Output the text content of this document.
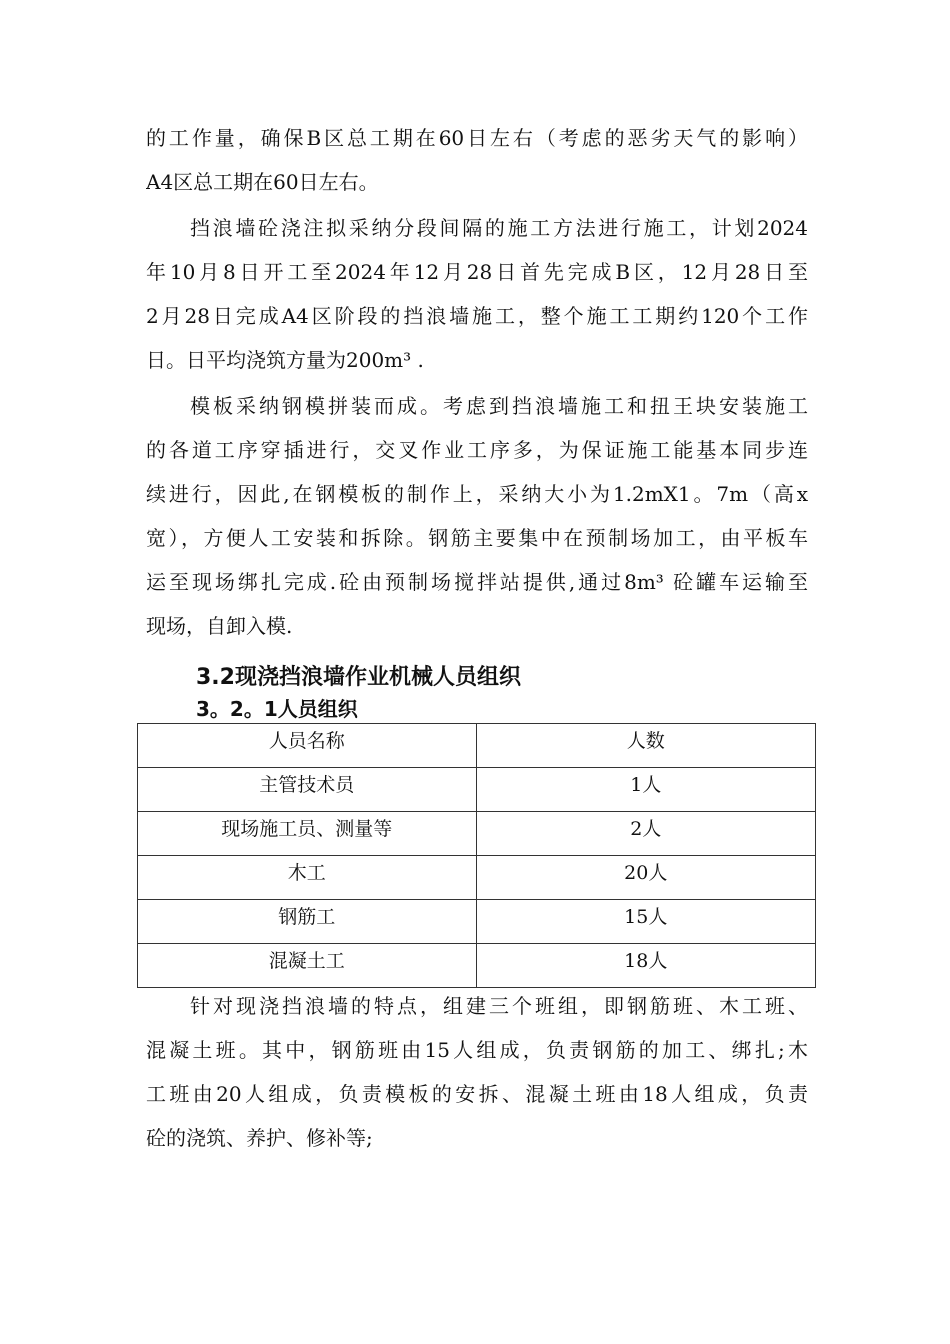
的工作量，确保B区总工期在60日左右（考虑的恶劣天气的影响）
A4区总工期在60日左右。

挡浪墙砼浇注拟采纳分段间隔的施工方法进行施工，计划2024
年10月8日开工至2024年12月28日首先完成B区，12月28日至
2月28日完成A4区阶段的挡浪墙施工，整个施工工期约120个工作
日。日平均浇筑方量为200m³ .

模板采纳钢模拼装而成。考虑到挡浪墙施工和扭王块安装施工
的各道工序穿插进行，交叉作业工序多，为保证施工能基本同步连
续进行，因此,在钢模板的制作上，采纳大小为1.2mX1。7m（高x
宽），方便人工安装和拆除。钢筋主要集中在预制场加工，由平板车
运至现场绑扎完成.砼由预制场搅拌站提供,通过8m³ 砼罐车运输至
现场，自卸入模.

3.2现浇挡浪墙作业机械人员组织
3。2。1人员组织
人员名称	人数
主管技术员	1人
现场施工员、测量等	2人
木工	20人
钢筋工	15人
混凝土工	18人

针对现浇挡浪墙的特点，组建三个班组，即钢筋班、木工班、
混凝土班。其中，钢筋班由15人组成，负责钢筋的加工、绑扎;木
工班由20人组成，负责模板的安拆、混凝土班由18人组成，负责
砼的浇筑、养护、修补等;
